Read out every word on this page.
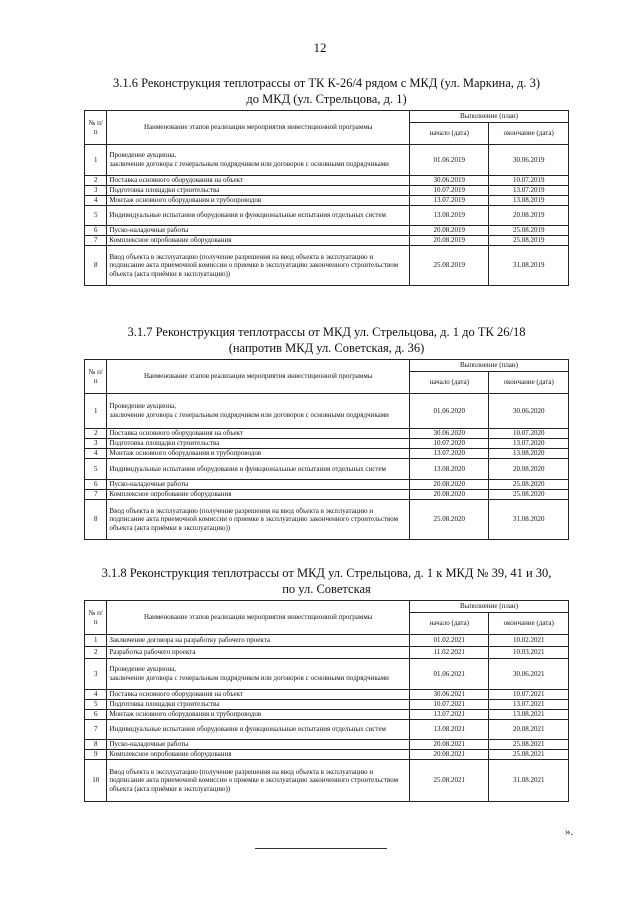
12
3.1.6 Реконструкция теплотрассы от ТК К-26/4 рядом с МКД (ул. Маркина, д. 3)
до МКД (ул. Стрельцова, д. 1)
№ п/п	Наименование этапов реализации мероприятия инвестиционной программы	Выполнение (план)	
		начало (дата)	окончание (дата)
1	Проведение аукциона,
заключение договора с генеральным подрядчиком или договоров с основными подрядчиками	01.06.2019	30.06.2019
2	Поставка основного оборудования на объект	30.06.2019	10.07.2019
3	Подготовка площадки строительства	10.07.2019	13.07.2019
4	Монтаж основного оборудования и трубопроводов	13.07.2019	13.08.2019
5	Индивидуальные испытания оборудования и функциональные испытания отдельных систем	13.08.2019	20.08.2019
6	Пуско-наладочные работы	20.08.2019	25.08.2019
7	Комплексное опробование оборудования	20.08.2019	25.08.2019
8	Ввод объекта в эксплуатацию (получение разрешения на ввод объекта в эксплуатацию и подписание акта приемочной комиссии о приемке в эксплуатацию законченного строительством объекта (акта приёмки в эксплуатацию))	25.08.2019	31.08.2019
3.1.7 Реконструкция теплотрассы от МКД ул. Стрельцова, д. 1 до ТК 26/18
(напротив МКД ул. Советская, д. 36)
№ п/п	Наименование этапов реализации мероприятия инвестиционной программы	Выполнение (план)	
		начало (дата)	окончание (дата)
1	Проведение аукциона,
заключение договора с генеральным подрядчиком или договоров с основными подрядчиками	01.06.2020	30.06.2020
2	Поставка основного оборудования на объект	30.06.2020	10.07.2020
3	Подготовка площадки строительства	10.07.2020	13.07.2020
4	Монтаж основного оборудования и трубопроводов	13.07.2020	13.08.2020
5	Индивидуальные испытания оборудования и функциональные испытания отдельных систем	13.08.2020	20.08.2020
6	Пуско-наладочные работы	20.08.2020	25.08.2020
7	Комплексное опробование оборудования	20.08.2020	25.08.2020
8	Ввод объекта в эксплуатацию (получение разрешения на ввод объекта в эксплуатацию и подписание акта приемочной комиссии о приемке в эксплуатацию законченного строительством объекта (акта приёмки в эксплуатацию))	25.08.2020	31.08.2020
3.1.8 Реконструкция теплотрассы от МКД ул. Стрельцова, д. 1 к МКД № 39, 41 и 30,
по ул. Советская
№ п/п	Наименование этапов реализации мероприятия инвестиционной программы	Выполнение (план)	
		начало (дата)	окончание (дата)
1	Заключение договора на разработку рабочего проекта	01.02.2021	10.02.2021
2	Разработка рабочего проекта	11.02.2021	10.03.2021
3	Проведение аукциона,
заключение договора с генеральным подрядчиком или договоров с основными подрядчиками	01.06.2021	30.06.2021
4	Поставка основного оборудования на объект	30.06.2021	10.07.2021
5	Подготовка площадки строительства	10.07.2021	13.07.2021
6	Монтаж основного оборудования и трубопроводов	13.07.2021	13.08.2021
7	Индивидуальные испытания оборудования и функциональные испытания отдельных систем	13.08.2021	20.08.2021
8	Пуско-наладочные работы	20.08.2021	25.08.2021
9	Комплексное опробование оборудования	20.08.2021	25.08.2021
10	Ввод объекта в эксплуатацию (получение разрешения на ввод объекта в эксплуатацию и подписание акта приемочной комиссии о приемке в эксплуатацию законченного строительством объекта (акта приёмки в эксплуатацию))	25.08.2021	31.08.2021
».
